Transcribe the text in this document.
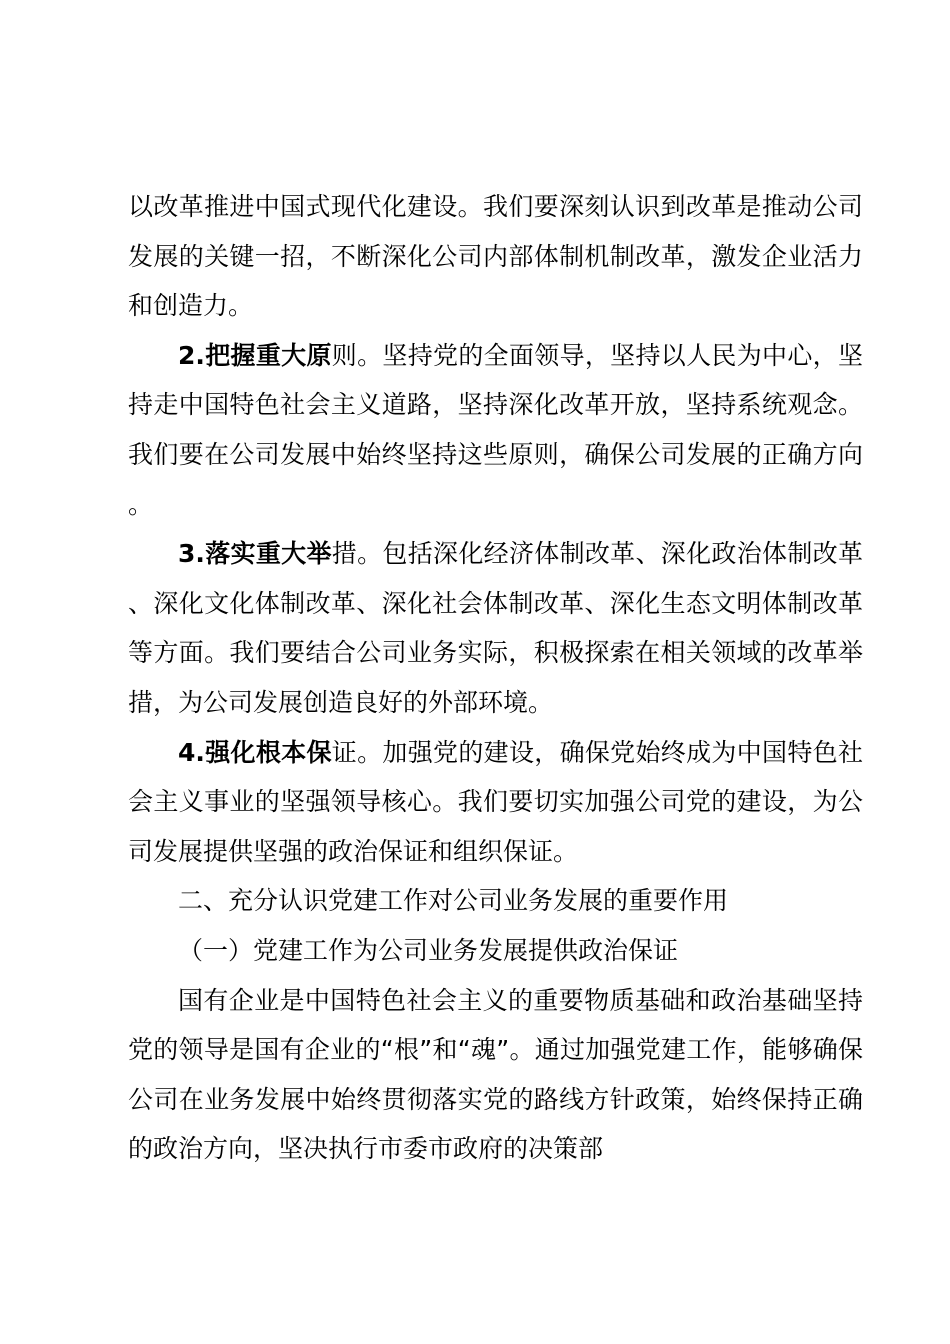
以改革推进中国式现代化建设。我们要深刻认识到改革是推动公司发展的关键一招，不断深化公司内部体制机制改革，激发企业活力和创造力。

2.把握重大原则。坚持党的全面领导，坚持以人民为中心，坚持走中国特色社会主义道路，坚持深化改革开放，坚持系统观念。我们要在公司发展中始终坚持这些原则，确保公司发展的正确方向。

3.落实重大举措。包括深化经济体制改革、深化政治体制改革、深化文化体制改革、深化社会体制改革、深化生态文明体制改革等方面。我们要结合公司业务实际，积极探索在相关领域的改革举措，为公司发展创造良好的外部环境。

4.强化根本保证。加强党的建设，确保党始终成为中国特色社会主义事业的坚强领导核心。我们要切实加强公司党的建设，为公司发展提供坚强的政治保证和组织保证。

二、充分认识党建工作对公司业务发展的重要作用

（一）党建工作为公司业务发展提供政治保证

国有企业是中国特色社会主义的重要物质基础和政治基础坚持党的领导是国有企业的“根”和“魂”。通过加强党建工作，能够确保公司在业务发展中始终贯彻落实党的路线方针政策，始终保持正确的政治方向，坚决执行市委市政府的决策部
